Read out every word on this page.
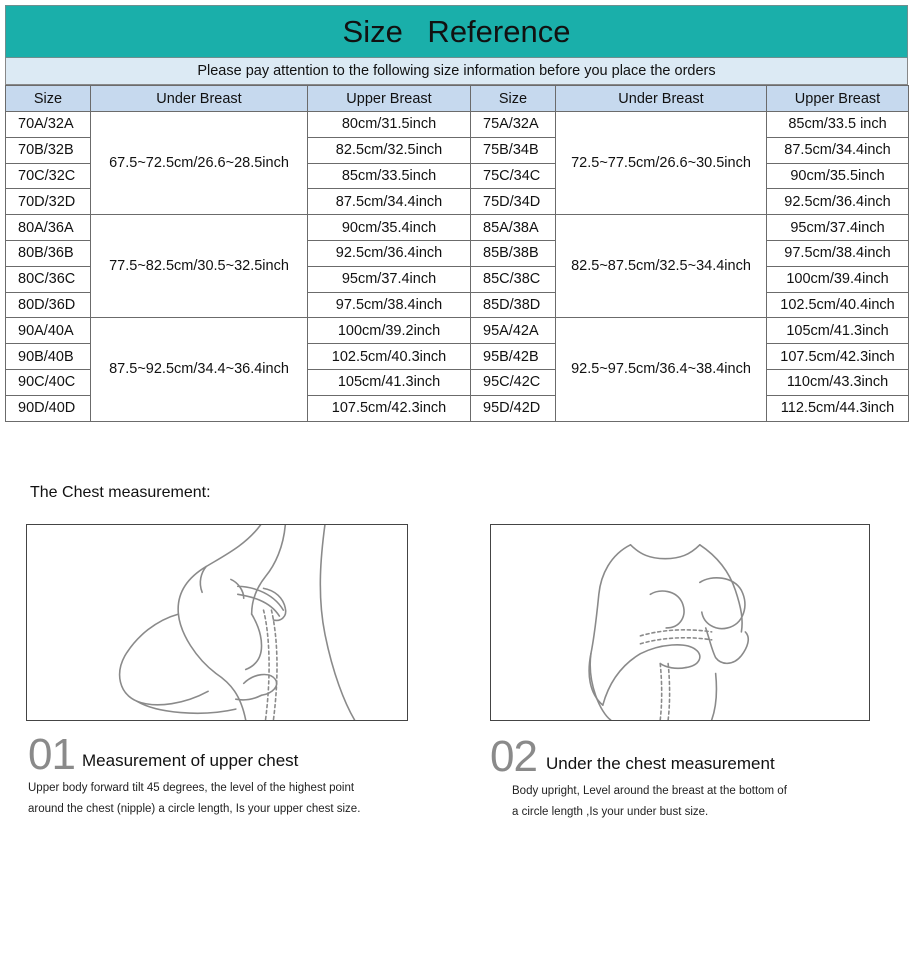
Size Reference
Please pay attention to the following size information before you place the orders
Size	Under Breast	Upper Breast	Size	Under Breast	Upper Breast
70A/32A	67.5~72.5cm/26.6~28.5inch	80cm/31.5inch	75A/32A	72.5~77.5cm/26.6~30.5inch	85cm/33.5 inch
70B/32B		82.5cm/32.5inch	75B/34B		87.5cm/34.4inch
70C/32C		85cm/33.5inch	75C/34C		90cm/35.5inch
70D/32D		87.5cm/34.4inch	75D/34D		92.5cm/36.4inch
80A/36A	77.5~82.5cm/30.5~32.5inch	90cm/35.4inch	85A/38A	82.5~87.5cm/32.5~34.4inch	95cm/37.4inch
80B/36B		92.5cm/36.4inch	85B/38B		97.5cm/38.4inch
80C/36C		95cm/37.4inch	85C/38C		100cm/39.4inch
80D/36D		97.5cm/38.4inch	85D/38D		102.5cm/40.4inch
90A/40A	87.5~92.5cm/34.4~36.4inch	100cm/39.2inch	95A/42A	92.5~97.5cm/36.4~38.4inch	105cm/41.3inch
90B/40B		102.5cm/40.3inch	95B/42B		107.5cm/42.3inch
90C/40C		105cm/41.3inch	95C/42C		110cm/43.3inch
90D/40D		107.5cm/42.3inch	95D/42D		112.5cm/44.3inch
The Chest measurement:
01 Measurement of upper chest
Upper body forward tilt 45 degrees, the level of the highest point
around the chest (nipple) a circle length, Is your upper chest size.
02 Under the chest measurement
Body upright, Level around the breast at the bottom of
a circle length ,Is your under bust size.
